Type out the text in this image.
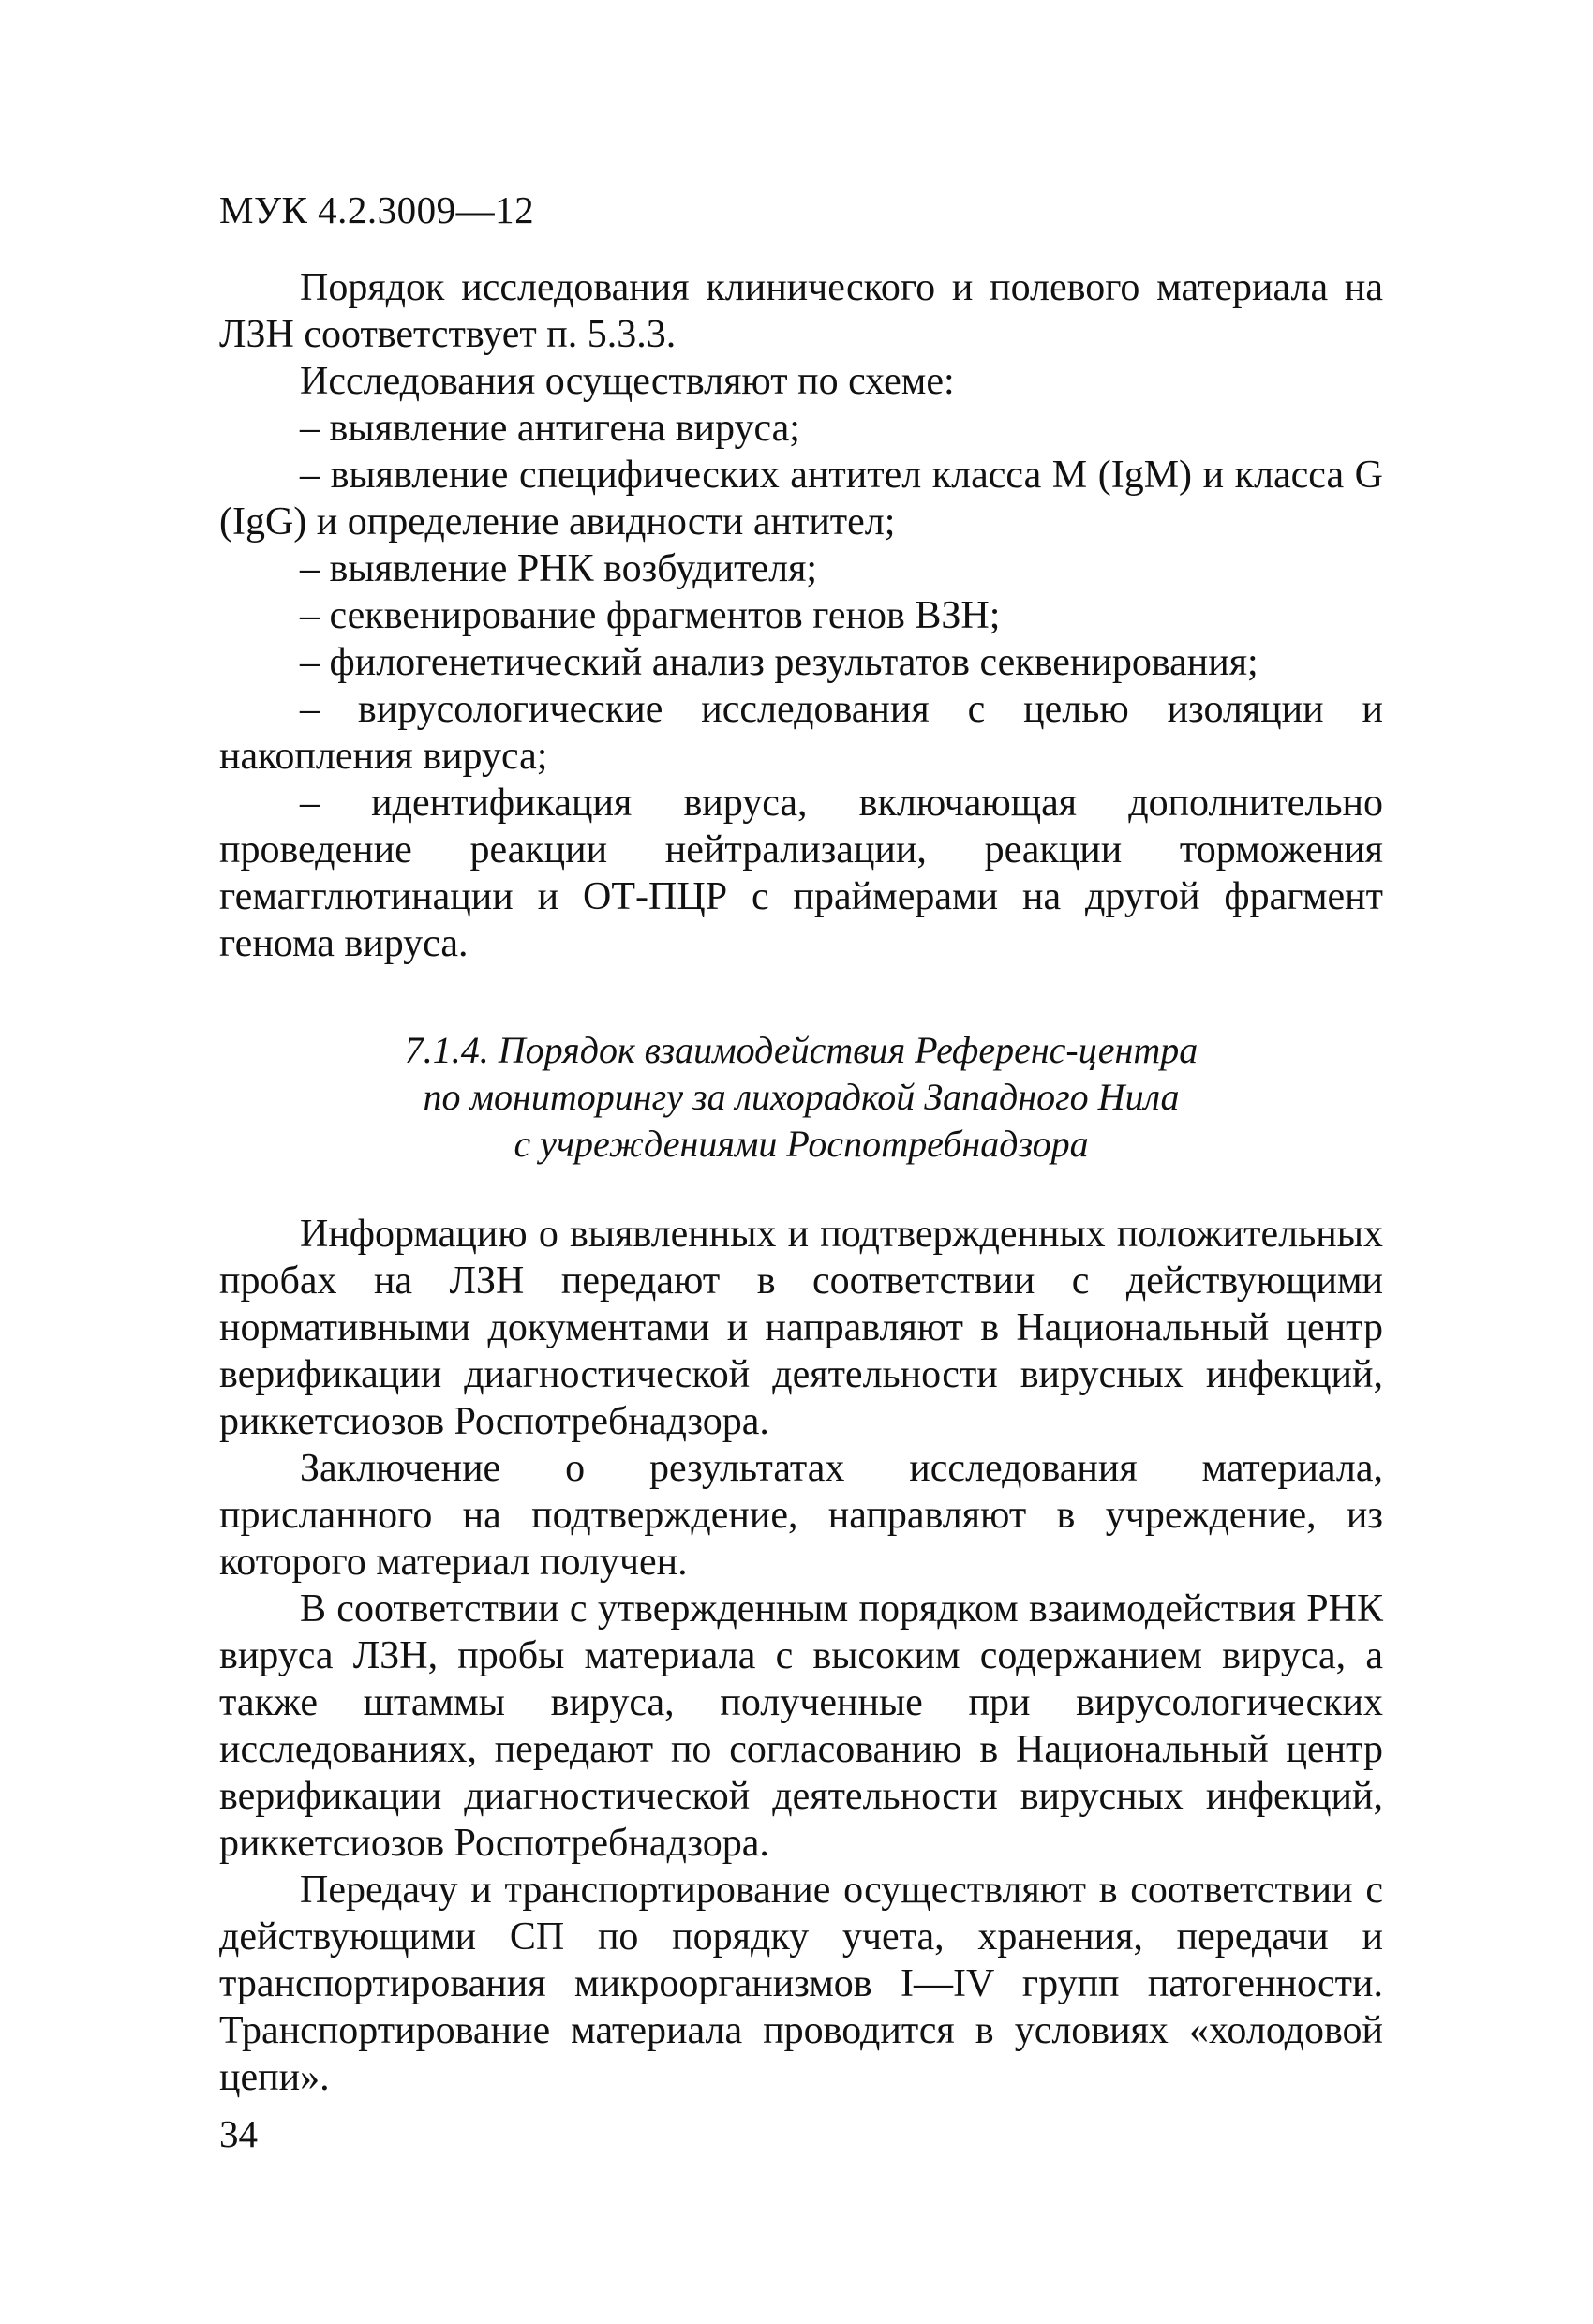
МУК 4.2.3009—12

Порядок исследования клинического и полевого материала на ЛЗН соответствует п. 5.3.3.

Исследования осуществляют по схеме:

– выявление антигена вируса;

– выявление специфических антител класса М (IgM) и класса G (IgG) и определение авидности антител;

– выявление РНК возбудителя;

– секвенирование фрагментов генов ВЗН;

– филогенетический анализ результатов секвенирования;

– вирусологические исследования с целью изоляции и накопления вируса;

– идентификация вируса, включающая дополнительно проведение реакции нейтрализации, реакции торможения гемагглютинации и ОТ-ПЦР с праймерами на другой фрагмент генома вируса.

7.1.4. Порядок взаимодействия Референс-центра
по мониторингу за лихорадкой Западного Нила
с учреждениями Роспотребнадзора

Информацию о выявленных и подтвержденных положительных пробах на ЛЗН передают в соответствии с действующими нормативными документами и направляют в Национальный центр верификации диагностической деятельности вирусных инфекций, риккетсиозов Роспотребнадзора.

Заключение о результатах исследования материала, присланного на подтверждение, направляют в учреждение, из которого материал получен.

В соответствии с утвержденным порядком взаимодействия РНК вируса ЛЗН, пробы материала с высоким содержанием вируса, а также штаммы вируса, полученные при вирусологических исследованиях, передают по согласованию в Национальный центр верификации диагностической деятельности вирусных инфекций, риккетсиозов Роспотребнадзора.

Передачу и транспортирование осуществляют в соответствии с действующими СП по порядку учета, хранения, передачи и транспортирования микроорганизмов I—IV групп патогенности. Транспортирование материала проводится в условиях «холодовой цепи».

34
